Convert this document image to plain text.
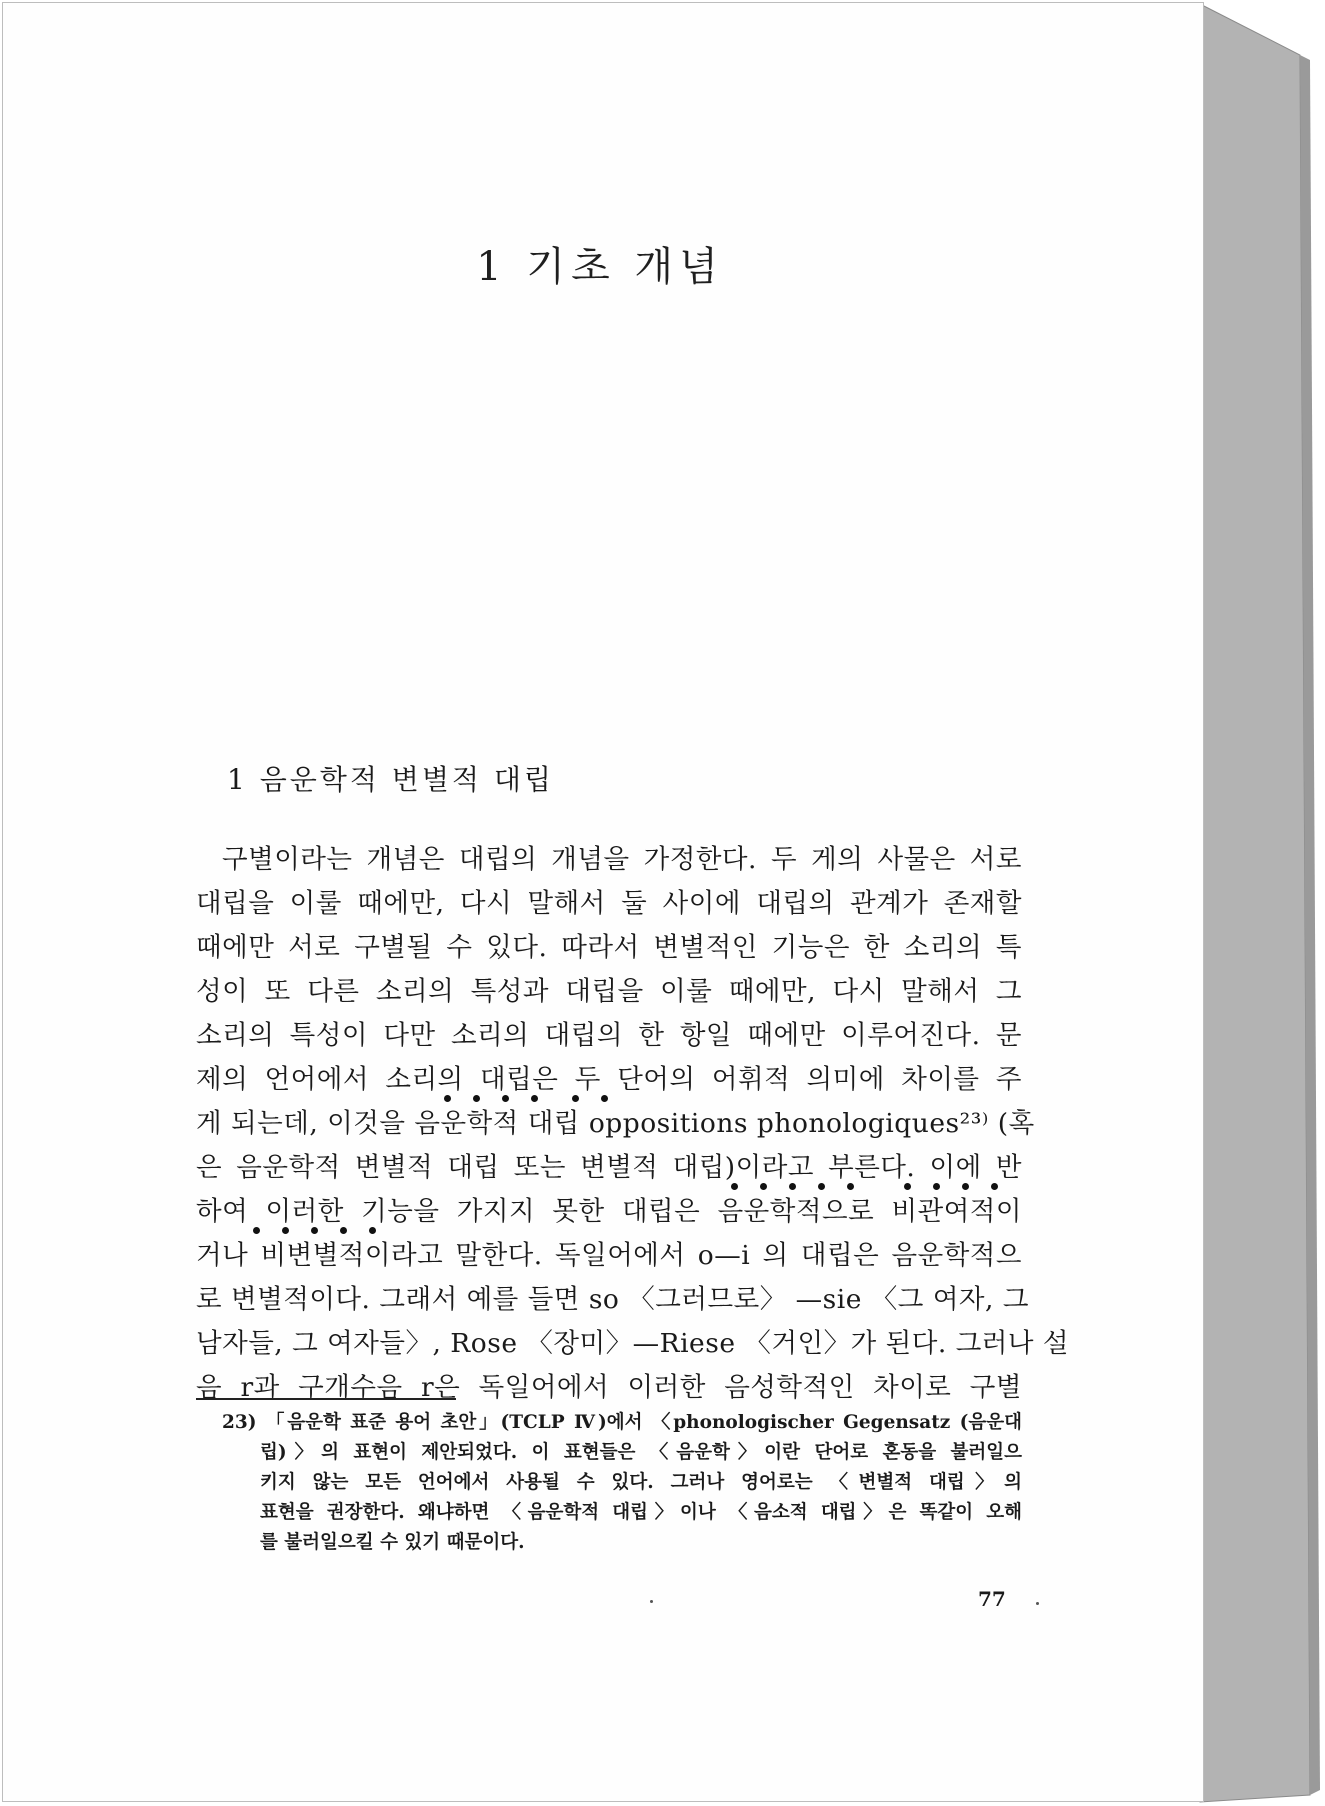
1 기초 개념
1 음운학적 변별적 대립
구별이라는 개념은 대립의 개념을 가정한다. 두 게의 사물은 서로
대립을 이룰 때에만, 다시 말해서 둘 사이에 대립의 관계가 존재할
때에만 서로 구별될 수 있다. 따라서 변별적인 기능은 한 소리의 특
성이 또 다른 소리의 특성과 대립을 이룰 때에만, 다시 말해서 그
소리의 특성이 다만 소리의 대립의 한 항일 때에만 이루어진다. 문
제의 언어에서 소리의 대립은 두 단어의 어휘적 의미에 차이를 주
게 되는데, 이것을 음운학적 대립 oppositions phonologiques²³⁾ (혹
은 음운학적 변별적 대립 또는 변별적 대립)이라고 부른다. 이에 반
하여 이러한 기능을 가지지 못한 대립은 음운학적으로 비관여적이
거나 비변별적이라고 말한다. 독일어에서 o—i 의 대립은 음운학적으
로 변별적이다. 그래서 예를 들면 so 〈그러므로〉 —sie 〈그 여자, 그
남자들, 그 여자들〉, Rose 〈장미〉—Riese 〈거인〉가 된다. 그러나 설
음 r과 구개수음 r은 독일어에서 이러한 음성학적인 차이로 구별
23) 「음운학 표준 용어 초안」(TCLP Ⅳ)에서 〈phonologischer Gegensatz (음운대
립)〉의 표현이 제안되었다. 이 표현들은 〈음운학〉이란 단어로 혼동을 불러일으
키지 않는 모든 언어에서 사용될 수 있다. 그러나 영어로는 〈변별적 대립〉의
표현을 권장한다. 왜냐하면 〈음운학적 대립〉이나 〈음소적 대립〉은 똑같이 오해
를 불러일으킬 수 있기 때문이다.
77
